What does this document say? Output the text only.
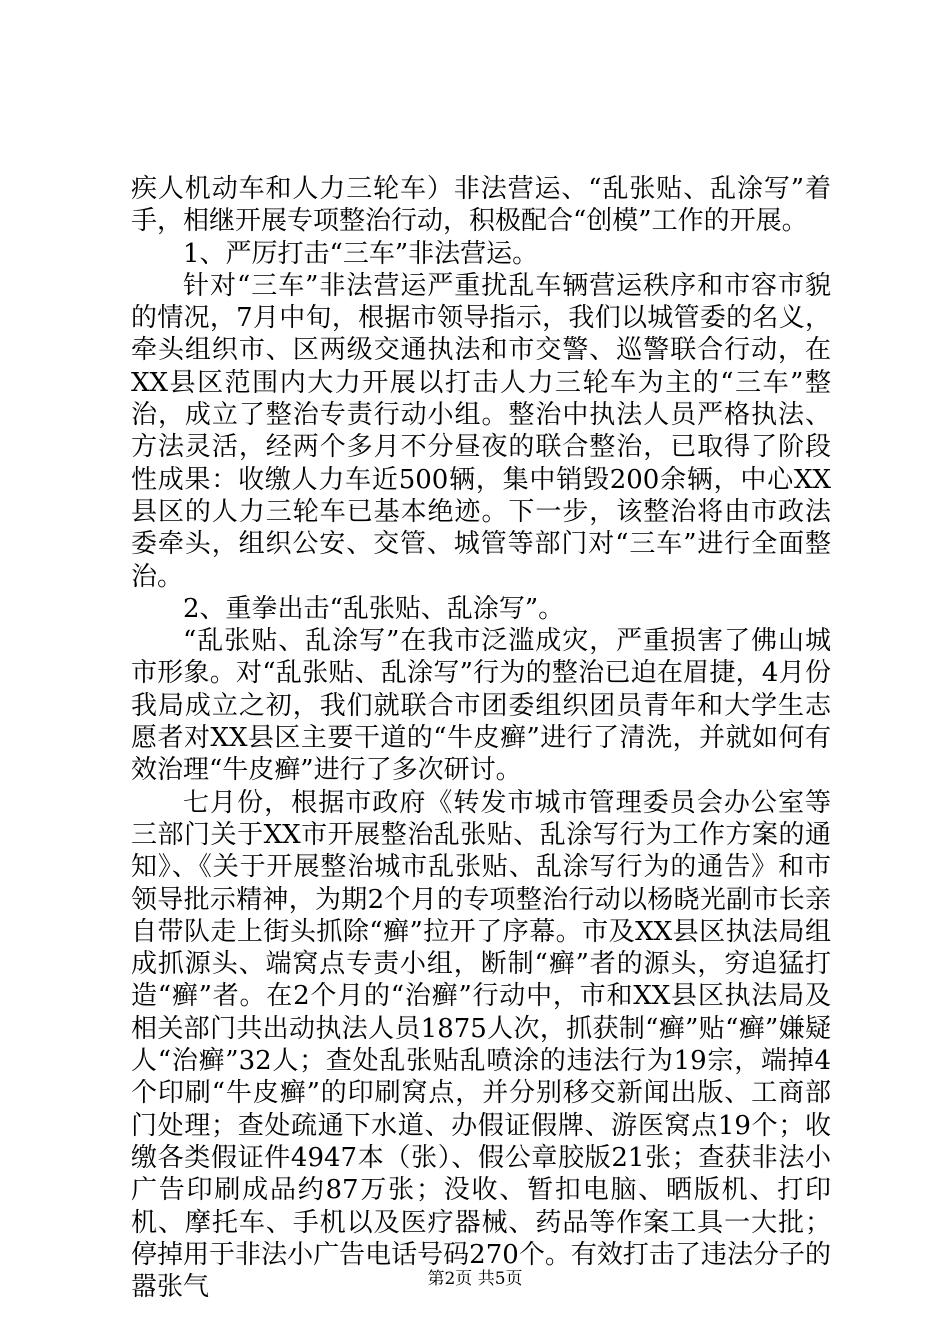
疾人机动车和人力三轮车）非法营运、“乱张贴、乱涂写”着手，相继开展专项整治行动，积极配合“创模”工作的开展。

1、严厉打击“三车”非法营运。

针对“三车”非法营运严重扰乱车辆营运秩序和市容市貌的情况，7月中旬，根据市领导指示，我们以城管委的名义，牵头组织市、区两级交通执法和市交警、巡警联合行动，在XX县区范围内大力开展以打击人力三轮车为主的“三车”整治，成立了整治专责行动小组。整治中执法人员严格执法、方法灵活，经两个多月不分昼夜的联合整治，已取得了阶段性成果：收缴人力车近500辆，集中销毁200余辆，中心XX县区的人力三轮车已基本绝迹。下一步，该整治将由市政法委牵头，组织公安、交管、城管等部门对“三车”进行全面整治。

2、重拳出击“乱张贴、乱涂写”。

“乱张贴、乱涂写”在我市泛滥成灾，严重损害了佛山城市形象。对“乱张贴、乱涂写”行为的整治已迫在眉捷，4月份我局成立之初，我们就联合市团委组织团员青年和大学生志愿者对XX县区主要干道的“牛皮癣”进行了清洗，并就如何有效治理“牛皮癣”进行了多次研讨。

七月份，根据市政府《转发市城市管理委员会办公室等三部门关于XX市开展整治乱张贴、乱涂写行为工作方案的通知》、《关于开展整治城市乱张贴、乱涂写行为的通告》和市领导批示精神，为期2个月的专项整治行动以杨晓光副市长亲自带队走上街头抓除“癣”拉开了序幕。市及XX县区执法局组成抓源头、端窝点专责小组，断制“癣”者的源头，穷追猛打造“癣”者。在2个月的“治癣”行动中，市和XX县区执法局及相关部门共出动执法人员1875人次，抓获制“癣”贴“癣”嫌疑人“治癣”32人；查处乱张贴乱喷涂的违法行为19宗，端掉4个印刷“牛皮癣”的印刷窝点，并分别移交新闻出版、工商部门处理；查处疏通下水道、办假证假牌、游医窝点19个；收缴各类假证件4947本（张）、假公章胶版21张；查获非法小广告印刷成品约87万张；没收、暂扣电脑、晒版机、打印机、摩托车、手机以及医疗器械、药品等作案工具一大批；停掉用于非法小广告电话号码270个。有效打击了违法分子的嚣张气	第2页 共5页
